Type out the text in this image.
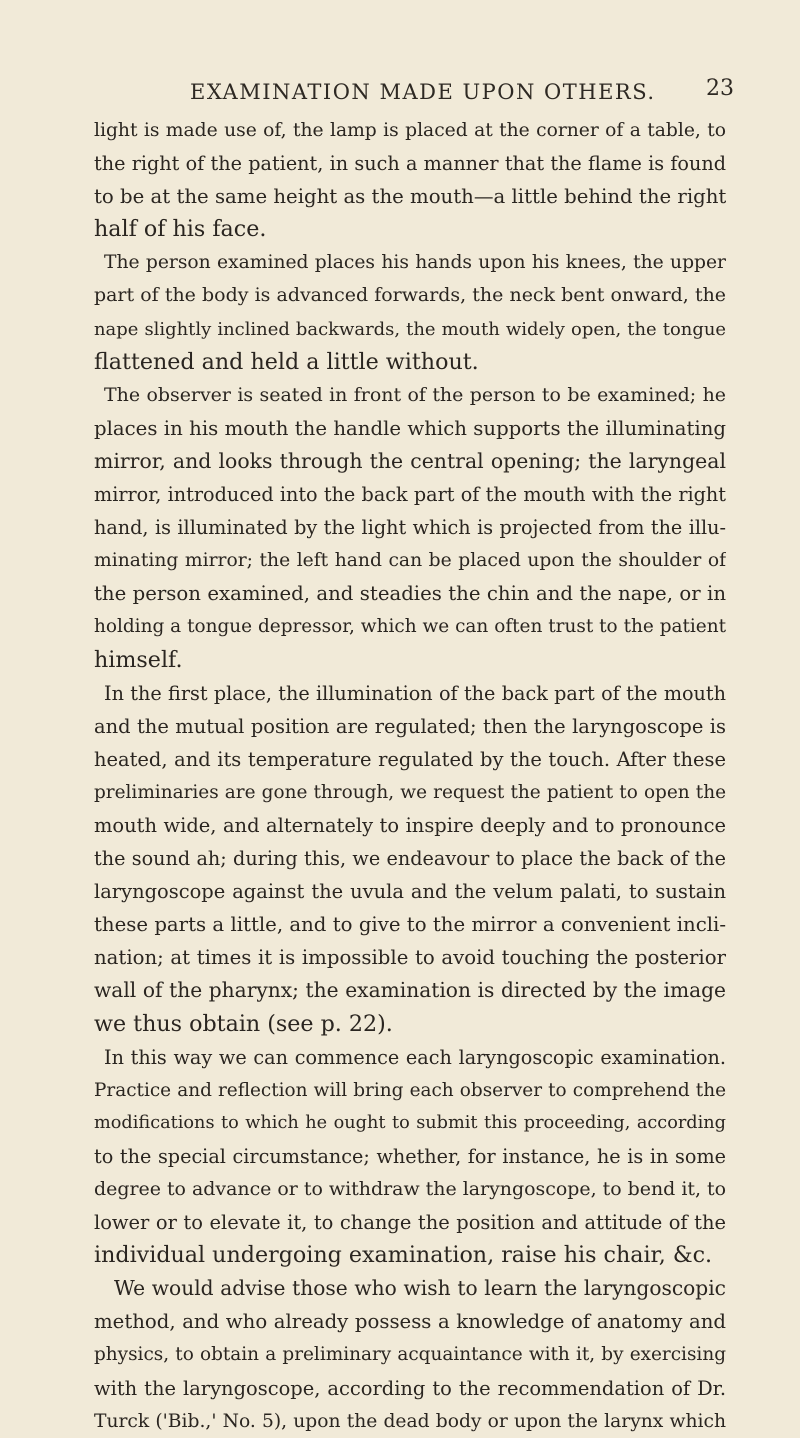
EXAMINATION MADE UPON OTHERS. 23
light is made use of, the lamp is placed at the corner of a table, to
the right of the patient, in such a manner that the flame is found
to be at the same height as the mouth—a little behind the right
half of his face.
The person examined places his hands upon his knees, the upper
part of the body is advanced forwards, the neck bent onward, the
nape slightly inclined backwards, the mouth widely open, the tongue
flattened and held a little without.
The observer is seated in front of the person to be examined; he
places in his mouth the handle which supports the illuminating
mirror, and looks through the central opening; the laryngeal
mirror, introduced into the back part of the mouth with the right
hand, is illuminated by the light which is projected from the illu-
minating mirror; the left hand can be placed upon the shoulder of
the person examined, and steadies the chin and the nape, or in
holding a tongue depressor, which we can often trust to the patient
himself.
In the first place, the illumination of the back part of the mouth
and the mutual position are regulated; then the laryngoscope is
heated, and its temperature regulated by the touch. After these
preliminaries are gone through, we request the patient to open the
mouth wide, and alternately to inspire deeply and to pronounce
the sound ah; during this, we endeavour to place the back of the
laryngoscope against the uvula and the velum palati, to sustain
these parts a little, and to give to the mirror a convenient incli-
nation; at times it is impossible to avoid touching the posterior
wall of the pharynx; the examination is directed by the image
we thus obtain (see p. 22).
In this way we can commence each laryngoscopic examination.
Practice and reflection will bring each observer to comprehend the
modifications to which he ought to submit this proceeding, according
to the special circumstance; whether, for instance, he is in some
degree to advance or to withdraw the laryngoscope, to bend it, to
lower or to elevate it, to change the position and attitude of the
individual undergoing examination, raise his chair, &c.
We would advise those who wish to learn the laryngoscopic
method, and who already possess a knowledge of anatomy and
physics, to obtain a preliminary acquaintance with it, by exercising
with the laryngoscope, according to the recommendation of Dr.
Turck ('Bib.,' No. 5), upon the dead body or upon the larynx which
